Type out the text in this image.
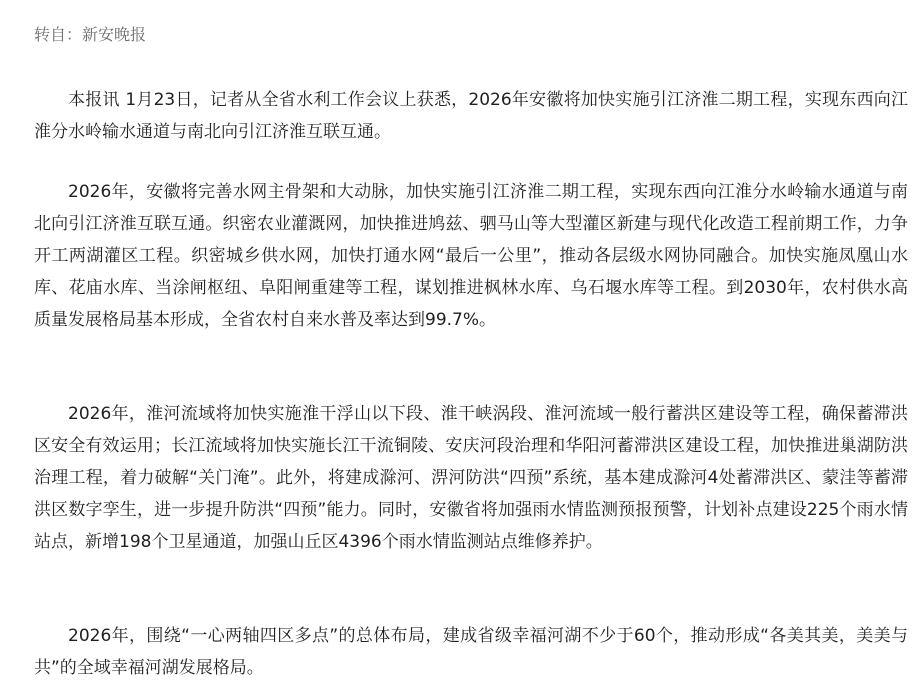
转自：新安晚报

本报讯 1月23日，记者从全省水利工作会议上获悉，2026年安徽将加快实施引江济淮二期工程，实现东西向江淮分水岭输水通道与南北向引江济淮互联互通。

2026年，安徽将完善水网主骨架和大动脉，加快实施引江济淮二期工程，实现东西向江淮分水岭输水通道与南北向引江济淮互联互通。织密农业灌溉网，加快推进鸠兹、驷马山等大型灌区新建与现代化改造工程前期工作，力争开工两湖灌区工程。织密城乡供水网，加快打通水网“最后一公里”，推动各层级水网协同融合。加快实施凤凰山水库、花庙水库、当涂闸枢纽、阜阳闸重建等工程，谋划推进枫林水库、乌石堰水库等工程。到2030年，农村供水高质量发展格局基本形成，全省农村自来水普及率达到99.7%。

2026年，淮河流域将加快实施淮干浮山以下段、淮干峡涡段、淮河流域一般行蓄洪区建设等工程，确保蓄滞洪区安全有效运用；长江流域将加快实施长江干流铜陵、安庆河段治理和华阳河蓄滞洪区建设工程，加快推进巢湖防洪治理工程，着力破解“关门淹”。此外，将建成滁河、淠河防洪“四预”系统，基本建成滁河4处蓄滞洪区、蒙洼等蓄滞洪区数字孪生，进一步提升防洪“四预”能力。同时，安徽省将加强雨水情监测预报预警，计划补点建设225个雨水情站点，新增198个卫星通道，加强山丘区4396个雨水情监测站点维修养护。

2026年，围绕“一心两轴四区多点”的总体布局，建成省级幸福河湖不少于60个，推动形成“各美其美，美美与共”的全域幸福河湖发展格局。
